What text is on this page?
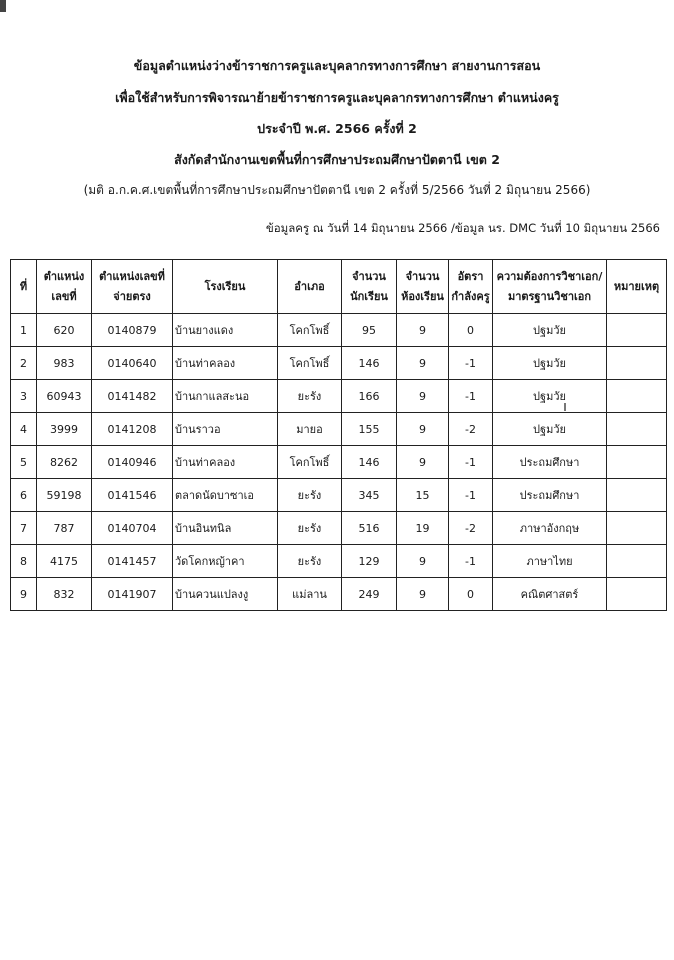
ข้อมูลตำแหน่งว่างข้าราชการครูและบุคลากรทางการศึกษา สายงานการสอน
เพื่อใช้สำหรับการพิจารณาย้ายข้าราชการครูและบุคลากรทางการศึกษา ตำแหน่งครู
ประจำปี พ.ศ. 2566 ครั้งที่ 2
สังกัดสำนักงานเขตพื้นที่การศึกษาประถมศึกษาปัตตานี เขต 2
(มติ อ.ก.ค.ศ.เขตพื้นที่การศึกษาประถมศึกษาปัตตานี เขต 2 ครั้งที่ 5/2566 วันที่ 2 มิถุนายน 2566)
ข้อมูลครู ณ วันที่ 14 มิถุนายน 2566 /ข้อมูล นร. DMC วันที่ 10 มิถุนายน 2566
ที่	ตำแหน่งเลขที่	ตำแหน่งเลขที่จ่ายตรง	โรงเรียน	อำเภอ	จำนวนนักเรียน	จำนวนห้องเรียน	อัตรากำลังครู	ความต้องการวิชาเอก/มาตรฐานวิชาเอก	หมายเหตุ
1	620	0140879	บ้านยางแดง	โคกโพธิ์	95	9	0	ปฐมวัย	
2	983	0140640	บ้านท่าคลอง	โคกโพธิ์	146	9	-1	ปฐมวัย	
3	60943	0141482	บ้านกาแลสะนอ	ยะรัง	166	9	-1	ปฐมวัย	
4	3999	0141208	บ้านราวอ	มายอ	155	9	-2	ปฐมวัย	
5	8262	0140946	บ้านท่าคลอง	โคกโพธิ์	146	9	-1	ประถมศึกษา	
6	59198	0141546	ตลาดนัดบาซาเอ	ยะรัง	345	15	-1	ประถมศึกษา	
7	787	0140704	บ้านอินทนิล	ยะรัง	516	19	-2	ภาษาอังกฤษ	
8	4175	0141457	วัดโคกหญ้าคา	ยะรัง	129	9	-1	ภาษาไทย	
9	832	0141907	บ้านควนแปลงงู	แม่ลาน	249	9	0	คณิตศาสตร์	
